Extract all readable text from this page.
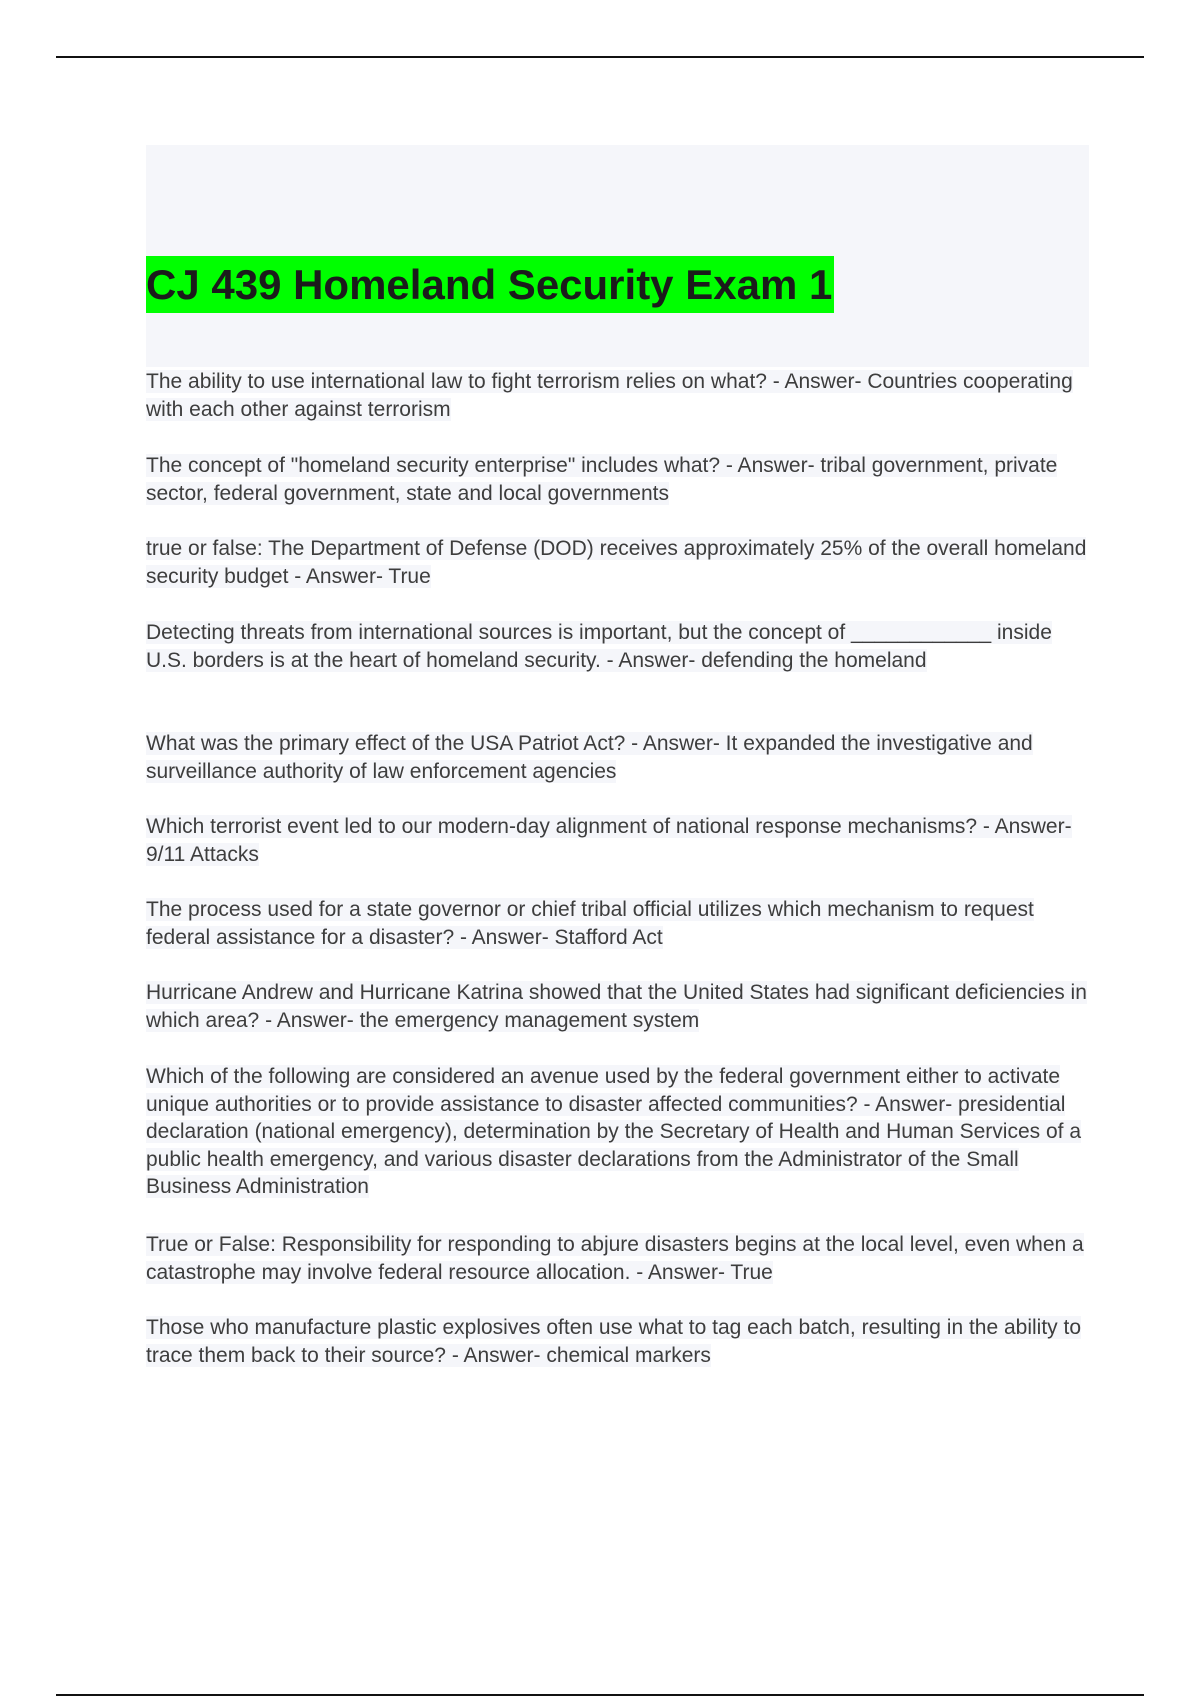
CJ 439 Homeland Security Exam 1
The ability to use international law to fight terrorism relies on what? - Answer- Countries cooperating with each other against terrorism
The concept of "homeland security enterprise" includes what? - Answer- tribal government, private sector, federal government, state and local governments
true or false: The Department of Defense (DOD) receives approximately 25% of the overall homeland security budget - Answer- True
Detecting threats from international sources is important, but the concept of ____________ inside U.S. borders is at the heart of homeland security. - Answer- defending the homeland
What was the primary effect of the USA Patriot Act? - Answer- It expanded the investigative and surveillance authority of law enforcement agencies
Which terrorist event led to our modern-day alignment of national response mechanisms? - Answer- 9/11 Attacks
The process used for a state governor or chief tribal official utilizes which mechanism to request federal assistance for a disaster? - Answer- Stafford Act
Hurricane Andrew and Hurricane Katrina showed that the United States had significant deficiencies in which area? - Answer- the emergency management system
Which of the following are considered an avenue used by the federal government either to activate unique authorities or to provide assistance to disaster affected communities? - Answer- presidential declaration (national emergency), determination by the Secretary of Health and Human Services of a public health emergency, and various disaster declarations from the Administrator of the Small Business Administration
True or False: Responsibility for responding to abjure disasters begins at the local level, even when a catastrophe may involve federal resource allocation. - Answer- True
Those who manufacture plastic explosives often use what to tag each batch, resulting in the ability to trace them back to their source? - Answer- chemical markers
